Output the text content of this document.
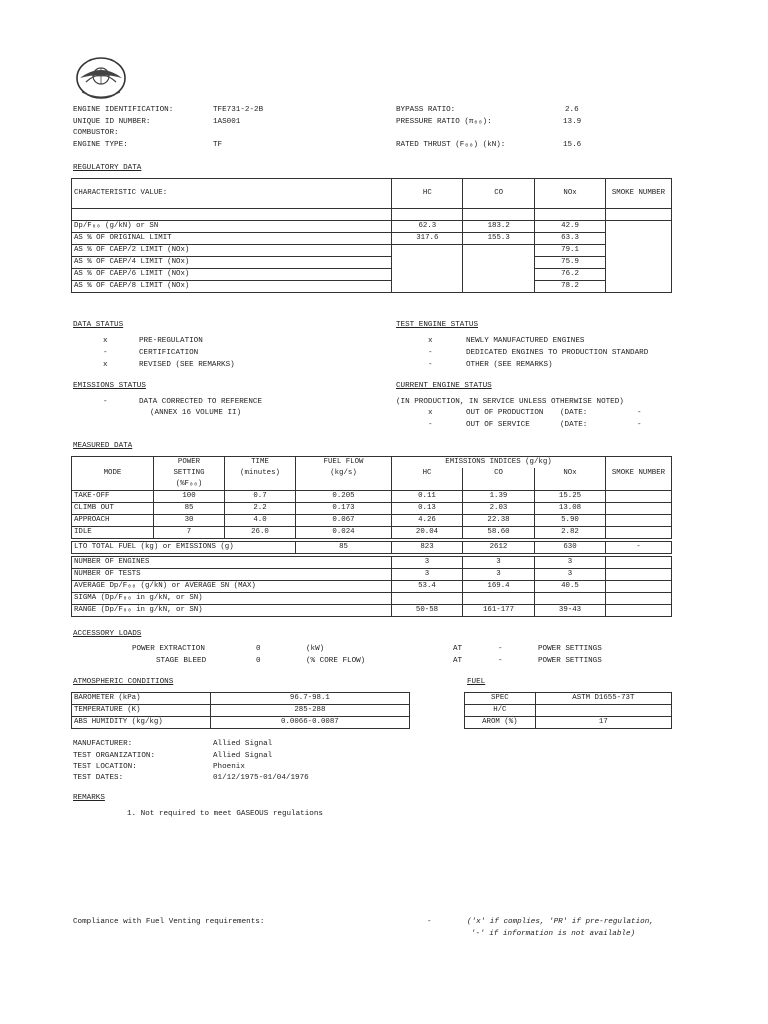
ENGINE IDENTIFICATION:	TFE731-2-2B
UNIQUE ID NUMBER:	1AS001
COMBUSTOR:
ENGINE TYPE:	TF
BYPASS RATIO:	2.6
PRESSURE RATIO (π₀₀):	13.9
RATED THRUST (F₀₀) (kN):	15.6
REGULATORY DATA
CHARACTERISTIC VALUE:	HC	CO	NOx	SMOKE NUMBER

Dp/F₀₀ (g/kN) or SN	62.3	183.2	42.9	
AS % OF ORIGINAL LIMIT	317.6	155.3	63.3	
AS % OF CAEP/2 LIMIT (NOx)			79.1	
AS % OF CAEP/4 LIMIT (NOx)			75.9	
AS % OF CAEP/6 LIMIT (NOx)			76.2	
AS % OF CAEP/8 LIMIT (NOx)			78.2	
DATA STATUS
x	PRE-REGULATION
-	CERTIFICATION
x	REVISED (SEE REMARKS)
TEST ENGINE STATUS
x	NEWLY MANUFACTURED ENGINES
-	DEDICATED ENGINES TO PRODUCTION STANDARD
-	OTHER (SEE REMARKS)
EMISSIONS STATUS
-	DATA CORRECTED TO REFERENCE
(ANNEX 16 VOLUME II)
CURRENT ENGINE STATUS
(IN PRODUCTION, IN SERVICE UNLESS OTHERWISE NOTED)
x	OUT OF PRODUCTION (DATE:	-
-	OUT OF SERVICE	(DATE:	-
MEASURED DATA
	POWER	TIME	FUEL FLOW	EMISSIONS INDICES (g/kg)			
MODE	SETTING	(minutes)	(kg/s)	HC	CO	NOx	SMOKE NUMBER
	(%F₀₀)						
TAKE-OFF	100	0.7	0.205	0.11	1.39	15.25	
CLIMB OUT	85	2.2	0.173	0.13	2.03	13.08	
APPROACH	30	4.0	0.067	4.26	22.38	5.90	
IDLE	7	26.0	0.024	20.04	58.60	2.82	

LTO TOTAL FUEL (kg) or EMISSIONS (g)			85	823	2612	630	-

NUMBER OF ENGINES				3	3	3	
NUMBER OF TESTS				3	3	3	
AVERAGE Dp/F₀₀ (g/kN) or AVERAGE SN (MAX)				53.4	169.4	40.5	
SIGMA (Dp/F₀₀ in g/kN, or SN)							
RANGE (Dp/F₀₀ in g/kN, or SN)				50-58	161-177	39-43	
ACCESSORY LOADS
POWER EXTRACTION	0	(kW)	AT	-	POWER SETTINGS
STAGE BLEED	0	(% CORE FLOW)	AT	-	POWER SETTINGS
ATMOSPHERIC CONDITIONS
BAROMETER (kPa)	96.7-98.1
TEMPERATURE (K)	285-288
ABS HUMIDITY (kg/kg)	0.0066-0.0087
FUEL
SPEC	ASTM D1655-73T
H/C	
AROM (%)	17
MANUFACTURER:	Allied Signal
TEST ORGANIZATION:	Allied Signal
TEST LOCATION:	Phoenix
TEST DATES:	01/12/1975-01/04/1976
REMARKS
1. Not required to meet GASEOUS regulations
Compliance with Fuel Venting requirements:	-	('x' if complies, 'PR' if pre-regulation,
'-' if information is not available)
